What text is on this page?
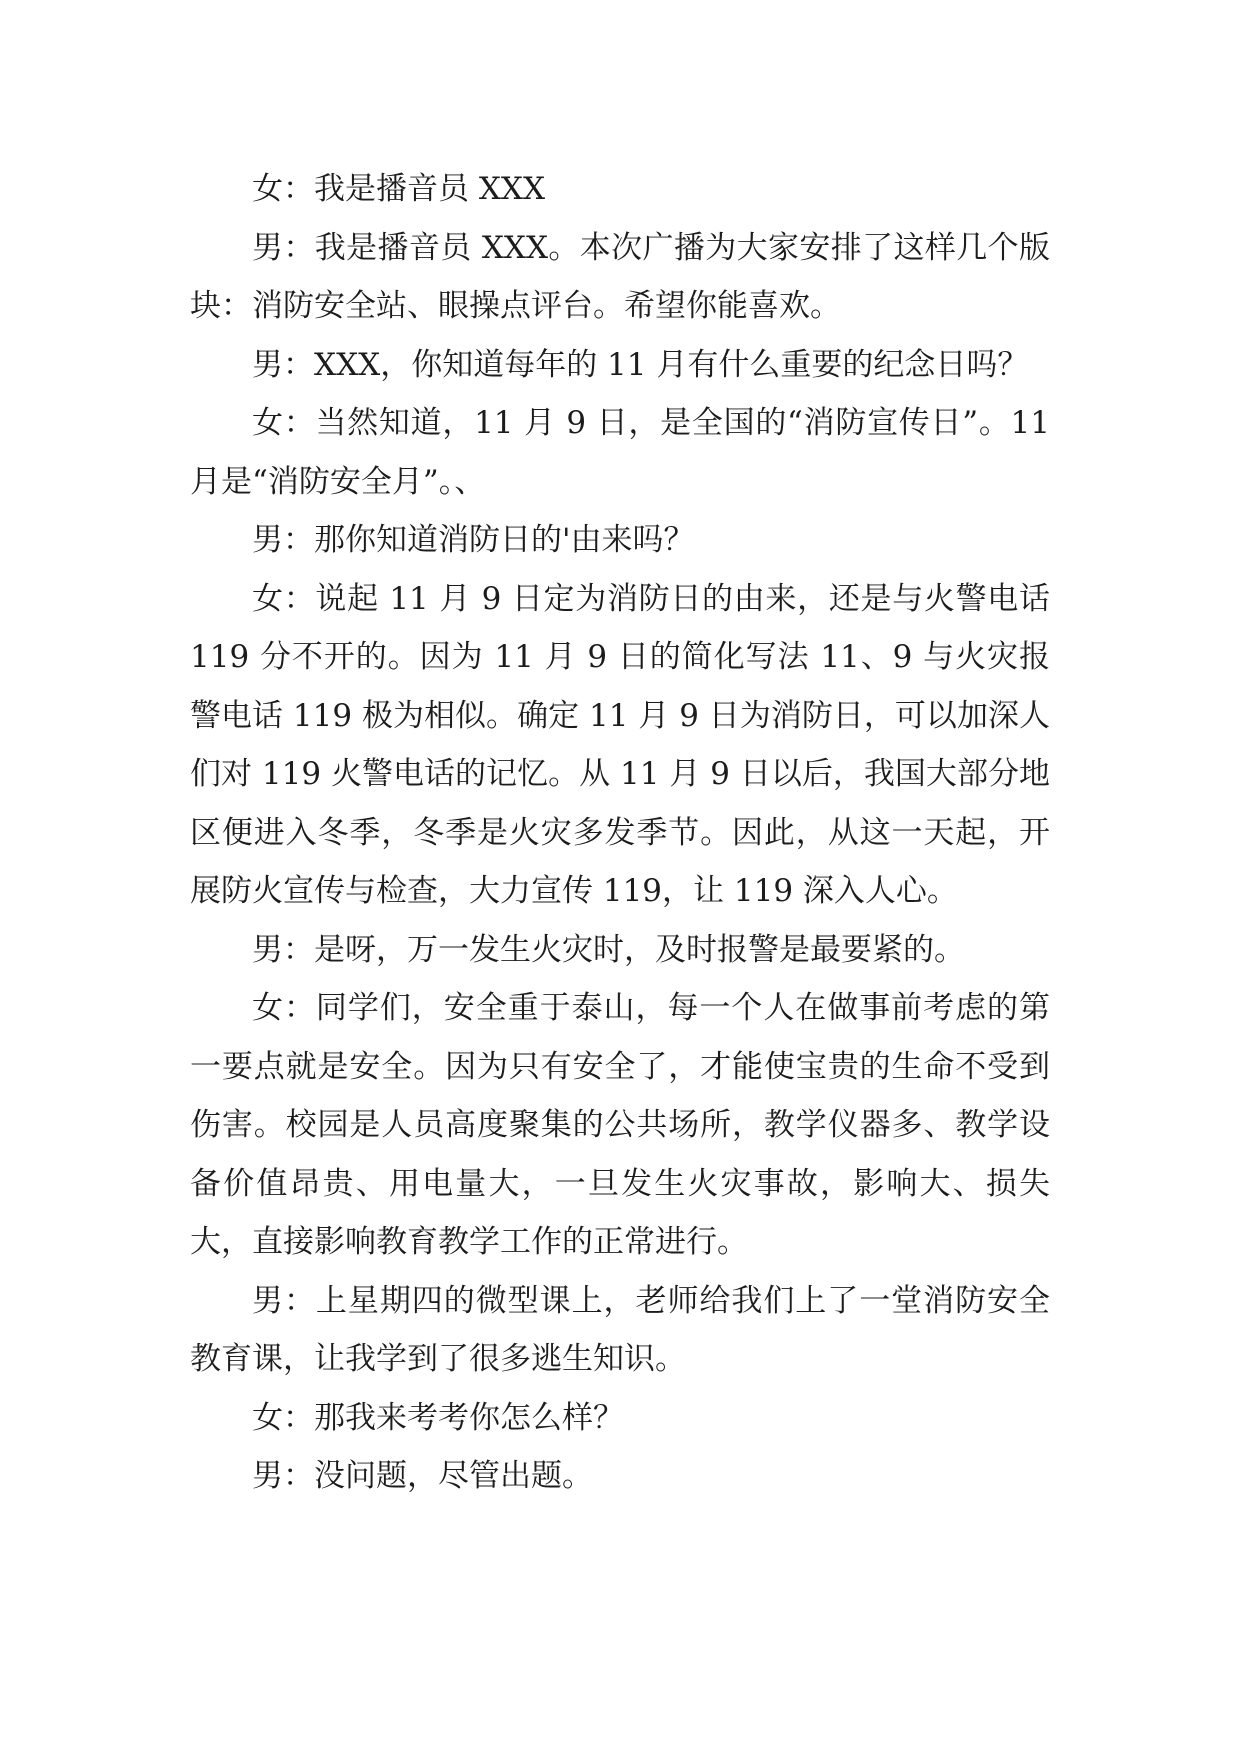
女：我是播音员 XXX

男：我是播音员 XXX。本次广播为大家安排了这样几个版块：消防安全站、眼操点评台。希望你能喜欢。

男：XXX，你知道每年的 11 月有什么重要的纪念日吗？

女：当然知道，11 月 9 日，是全国的“消防宣传日”。11 月是“消防安全月”。、

男：那你知道消防日的'由来吗？

女：说起 11 月 9 日定为消防日的由来，还是与火警电话 119 分不开的。因为 11 月 9 日的简化写法 11、9 与火灾报警电话 119 极为相似。确定 11 月 9 日为消防日，可以加深人们对 119 火警电话的记忆。从 11 月 9 日以后，我国大部分地区便进入冬季，冬季是火灾多发季节。因此，从这一天起，开展防火宣传与检查，大力宣传 119，让 119 深入人心。

男：是呀，万一发生火灾时，及时报警是最要紧的。

女：同学们，安全重于泰山，每一个人在做事前考虑的第一要点就是安全。因为只有安全了，才能使宝贵的生命不受到伤害。校园是人员高度聚集的公共场所，教学仪器多、教学设备价值昂贵、用电量大，一旦发生火灾事故，影响大、损失大，直接影响教育教学工作的正常进行。

男：上星期四的微型课上，老师给我们上了一堂消防安全教育课，让我学到了很多逃生知识。

女：那我来考考你怎么样？

男：没问题，尽管出题。
